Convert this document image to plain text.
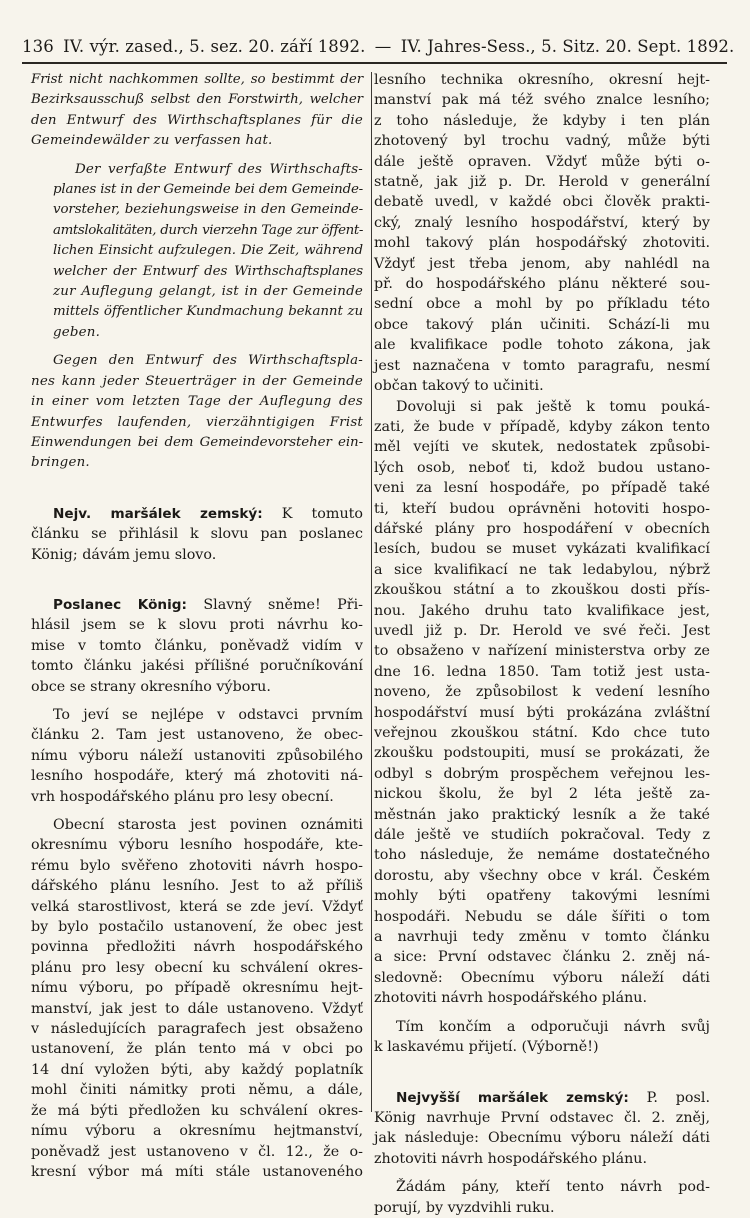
136 IV. výr. zased., 5. sez. 20. září 1892. — IV. Jahres-Sess., 5. Sitz. 20. Sept. 1892.
Frist nicht nachkommen sollte, so bestimmt der
Bezirksausschuß selbst den Forstwirth, welcher
den Entwurf des Wirthschaftsplanes für die
Gemeindewälder zu verfassen hat.
Der verfaßte Entwurf des Wirthschafts-
planes ist in der Gemeinde bei dem Gemeinde-
vorsteher, beziehungsweise in den Gemeinde-
amtslokalitäten, durch vierzehn Tage zur öffent-
lichen Einsicht aufzulegen. Die Zeit, während
welcher der Entwurf des Wirthschaftsplanes
zur Auflegung gelangt, ist in der Gemeinde
mittels öffentlicher Kundmachung bekannt zu
geben.
Gegen den Entwurf des Wirthschaftspla-
nes kann jeder Steuerträger in der Gemeinde
in einer vom letzten Tage der Auflegung des
Entwurfes laufenden, vierzähntigigen Frist
Einwendungen bei dem Gemeindevorsteher ein-
bringen.
Nejv. maršálek zemský: K tomuto
článku se přihlásil k slovu pan poslanec
König; dávám jemu slovo.
Poslanec König: Slavný sněme! Při-
hlásil jsem se k slovu proti návrhu ko-
mise v tomto článku, poněvadž vidím v
tomto článku jakési přílišné poručníkování
obce se strany okresního výboru.
To jeví se nejlépe v odstavci prvním
článku 2. Tam jest ustanoveno, že obec-
nímu výboru náleží ustanoviti způsobilého
lesního hospodáře, který má zhotoviti ná-
vrh hospodářského plánu pro lesy obecní.
Obecní starosta jest povinen oznámiti
okresnímu výboru lesního hospodáře, kte-
rému bylo svěřeno zhotoviti návrh hospo-
dářského plánu lesního. Jest to až příliš
velká starostlivost, která se zde jeví. Vždyť
by bylo postačilo ustanovení, že obec jest
povinna předložiti návrh hospodářského
plánu pro lesy obecní ku schválení okres-
nímu výboru, po případě okresnímu hejt-
manství, jak jest to dále ustanoveno. Vždyť
v následujících paragrafech jest obsaženo
ustanovení, že plán tento má v obci po
14 dní vyložen býti, aby každý poplatník
mohl činiti námitky proti němu, a dále,
že má býti předložen ku schválení okres-
nímu výboru a okresnímu hejtmanství,
poněvadž jest ustanoveno v čl. 12., že o-
kresní výbor má míti stále ustanoveného
lesního technika okresního, okresní hejt-
manství pak má též svého znalce lesního;
z toho následuje, že kdyby i ten plán
zhotovený byl trochu vadný, může býti
dále ještě opraven. Vždyť může býti o-
statně, jak již p. Dr. Herold v generální
debatě uvedl, v každé obci člověk prakti-
cký, znalý lesního hospodářství, který by
mohl takový plán hospodářský zhotoviti.
Vždyť jest třeba jenom, aby nahlédl na
př. do hospodářského plánu některé sou-
sední obce a mohl by po příkladu této
obce takový plán učiniti. Schází-li mu
ale kvalifikace podle tohoto zákona, jak
jest naznačena v tomto paragrafu, nesmí
občan takový to učiniti.
Dovoluji si pak ještě k tomu pouká-
zati, že bude v případě, kdyby zákon tento
měl vejíti ve skutek, nedostatek způsobi-
lých osob, neboť ti, kdož budou ustano-
veni za lesní hospodáře, po případě také
ti, kteří budou oprávněni hotoviti hospo-
dářské plány pro hospodáření v obecních
lesích, budou se muset vykázati kvalifikací
a sice kvalifikací ne tak ledabylou, nýbrž
zkouškou státní a to zkouškou dosti přís-
nou. Jakého druhu tato kvalifikace jest,
uvedl již p. Dr. Herold ve své řeči. Jest
to obsaženo v nařízení ministerstva orby ze
dne 16. ledna 1850. Tam totiž jest usta-
noveno, že způsobilost k vedení lesního
hospodářství musí býti prokázána zvláštní
veřejnou zkouškou státní. Kdo chce tuto
zkoušku podstoupiti, musí se prokázati, že
odbyl s dobrým prospěchem veřejnou les-
nickou školu, že byl 2 léta ještě za-
městnán jako praktický lesník a že také
dále ještě ve studiích pokračoval. Tedy z
toho následuje, že nemáme dostatečného
dorostu, aby všechny obce v král. Českém
mohly býti opatřeny takovými lesními
hospodáři. Nebudu se dále šířiti o tom
a navrhuji tedy změnu v tomto článku
a sice: První odstavec článku 2. zněj ná-
sledovně: Obecnímu výboru náleží dáti
zhotoviti návrh hospodářského plánu.
Tím končím a odporučuji návrh svůj
k laskavému přijetí. (Výborně!)
Nejvyšší maršálek zemský: P. posl.
König navrhuje První odstavec čl. 2. zněj,
jak následuje: Obecnímu výboru náleží dáti
zhotoviti návrh hospodářského plánu.
Žádám pány, kteří tento návrh pod-
porují, by vyzdvihli ruku.
